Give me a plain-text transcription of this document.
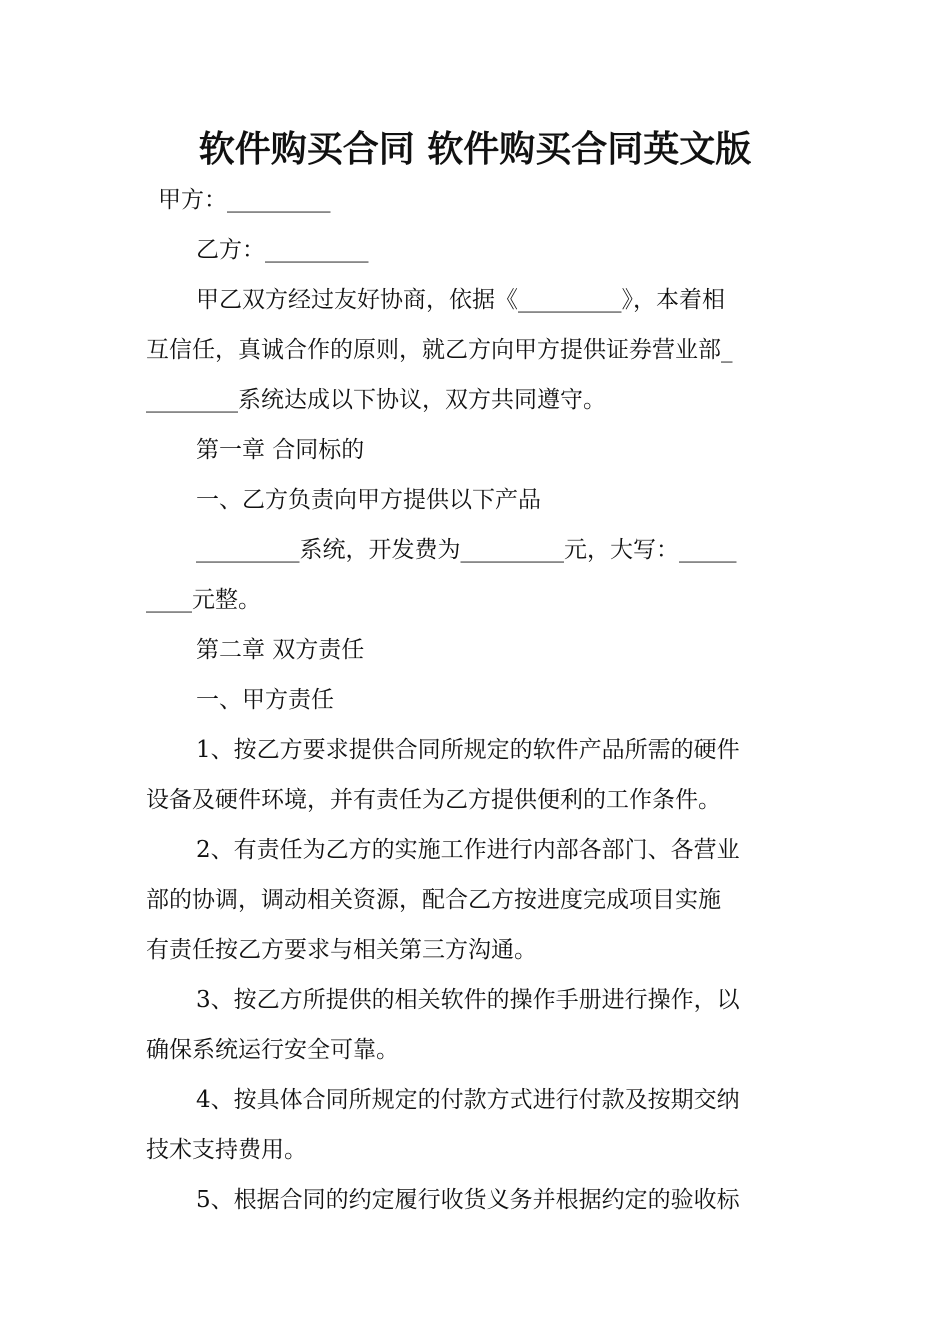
软件购买合同 软件购买合同英文版
甲方：_________
乙方：_________
甲乙双方经过友好协商，依据《_________》，本着相
互信任，真诚合作的原则，就乙方向甲方提供证券营业部_
________系统达成以下协议，双方共同遵守。
第一章 合同标的
一、乙方负责向甲方提供以下产品
_________系统，开发费为_________元，大写：_____
____元整。
第二章 双方责任
一、甲方责任
1、按乙方要求提供合同所规定的软件产品所需的硬件
设备及硬件环境，并有责任为乙方提供便利的工作条件。
2、有责任为乙方的实施工作进行内部各部门、各营业
部的协调，调动相关资源，配合乙方按进度完成项目实施
有责任按乙方要求与相关第三方沟通。
3、按乙方所提供的相关软件的操作手册进行操作，以
确保系统运行安全可靠。
4、按具体合同所规定的付款方式进行付款及按期交纳
技术支持费用。
5、根据合同的约定履行收货义务并根据约定的验收标
